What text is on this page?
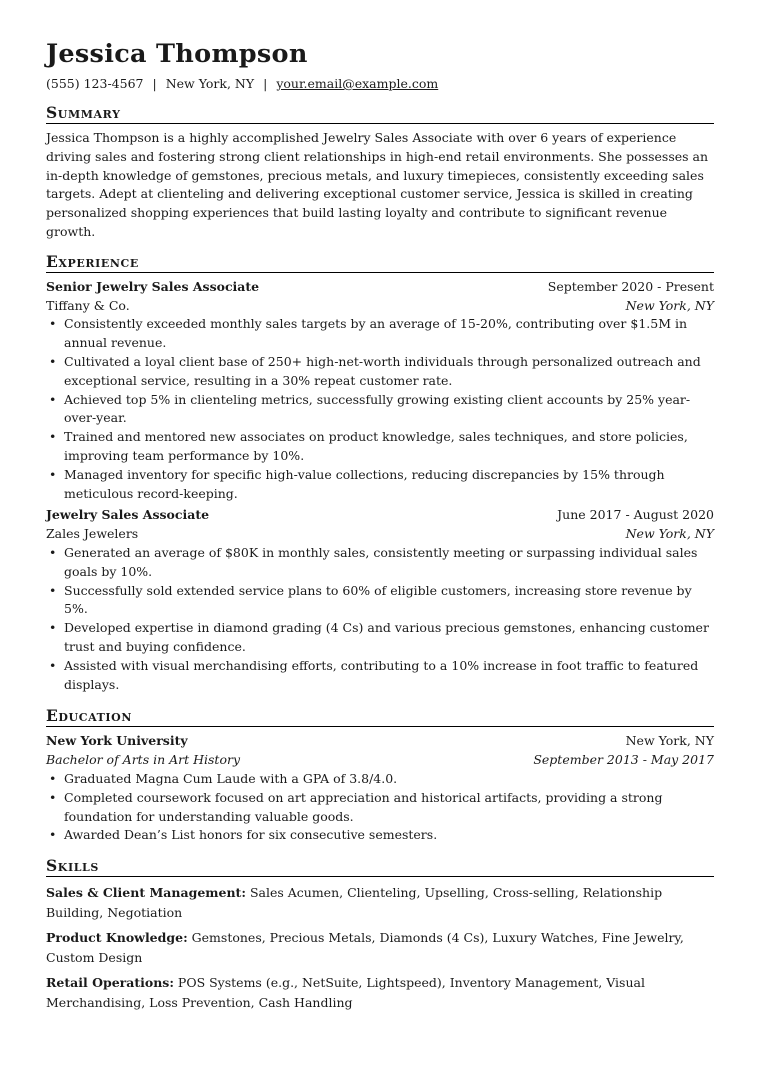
Jessica Thompson
(555) 123-4567 | New York, NY | your.email@example.com
Summary
Jessica Thompson is a highly accomplished Jewelry Sales Associate with over 6 years of experience driving sales and fostering strong client relationships in high-end retail environments. She possesses an in-depth knowledge of gemstones, precious metals, and luxury timepieces, consistently exceeding sales targets. Adept at clienteling and delivering exceptional customer service, Jessica is skilled in creating personalized shopping experiences that build lasting loyalty and contribute to significant revenue growth.
Experience
Senior Jewelry Sales Associate	September 2020 - Present
Tiffany & Co.	New York, NY
• Consistently exceeded monthly sales targets by an average of 15-20%, contributing over $1.5M in annual revenue.
• Cultivated a loyal client base of 250+ high-net-worth individuals through personalized outreach and exceptional service, resulting in a 30% repeat customer rate.
• Achieved top 5% in clienteling metrics, successfully growing existing client accounts by 25% year-over-year.
• Trained and mentored new associates on product knowledge, sales techniques, and store policies, improving team performance by 10%.
• Managed inventory for specific high-value collections, reducing discrepancies by 15% through meticulous record-keeping.
Jewelry Sales Associate	June 2017 - August 2020
Zales Jewelers	New York, NY
• Generated an average of $80K in monthly sales, consistently meeting or surpassing individual sales goals by 10%.
• Successfully sold extended service plans to 60% of eligible customers, increasing store revenue by 5%.
• Developed expertise in diamond grading (4 Cs) and various precious gemstones, enhancing customer trust and buying confidence.
• Assisted with visual merchandising efforts, contributing to a 10% increase in foot traffic to featured displays.
Education
New York University	New York, NY
Bachelor of Arts in Art History	September 2013 - May 2017
• Graduated Magna Cum Laude with a GPA of 3.8/4.0.
• Completed coursework focused on art appreciation and historical artifacts, providing a strong foundation for understanding valuable goods.
• Awarded Dean’s List honors for six consecutive semesters.
Skills
Sales & Client Management: Sales Acumen, Clienteling, Upselling, Cross-selling, Relationship Building, Negotiation
Product Knowledge: Gemstones, Precious Metals, Diamonds (4 Cs), Luxury Watches, Fine Jewelry, Custom Design
Retail Operations: POS Systems (e.g., NetSuite, Lightspeed), Inventory Management, Visual Merchandising, Loss Prevention, Cash Handling
